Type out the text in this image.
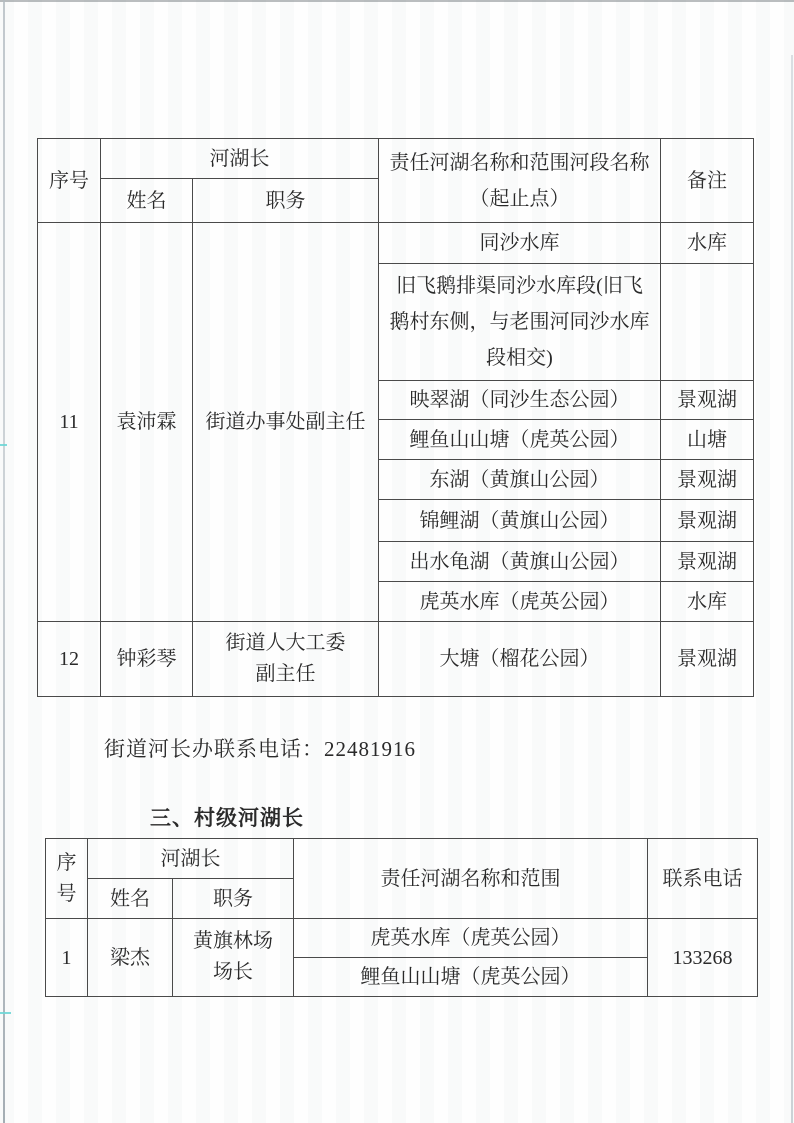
序号	河湖长		责任河湖名称和范围河段名称（起止点）	备注
	姓名	职务		
11	袁沛霖	街道办事处副主任	同沙水库	水库
			旧飞鹅排渠同沙水库段(旧飞鹅村东侧，与老围河同沙水库段相交)	
			映翠湖（同沙生态公园）	景观湖
			鲤鱼山山塘（虎英公园）	山塘
			东湖（黄旗山公园）	景观湖
			锦鲤湖（黄旗山公园）	景观湖
			出水龟湖（黄旗山公园）	景观湖
			虎英水库（虎英公园）	水库
12	钟彩琴	街道人大工委副主任	大塘（榴花公园）	景观湖
街道河长办联系电话：22481916
三、村级河湖长
序号	河湖长		责任河湖名称和范围	联系电话
	姓名	职务		
1	梁杰	黄旗林场场长	虎英水库（虎英公园）	133268
			鲤鱼山山塘（虎英公园）	
